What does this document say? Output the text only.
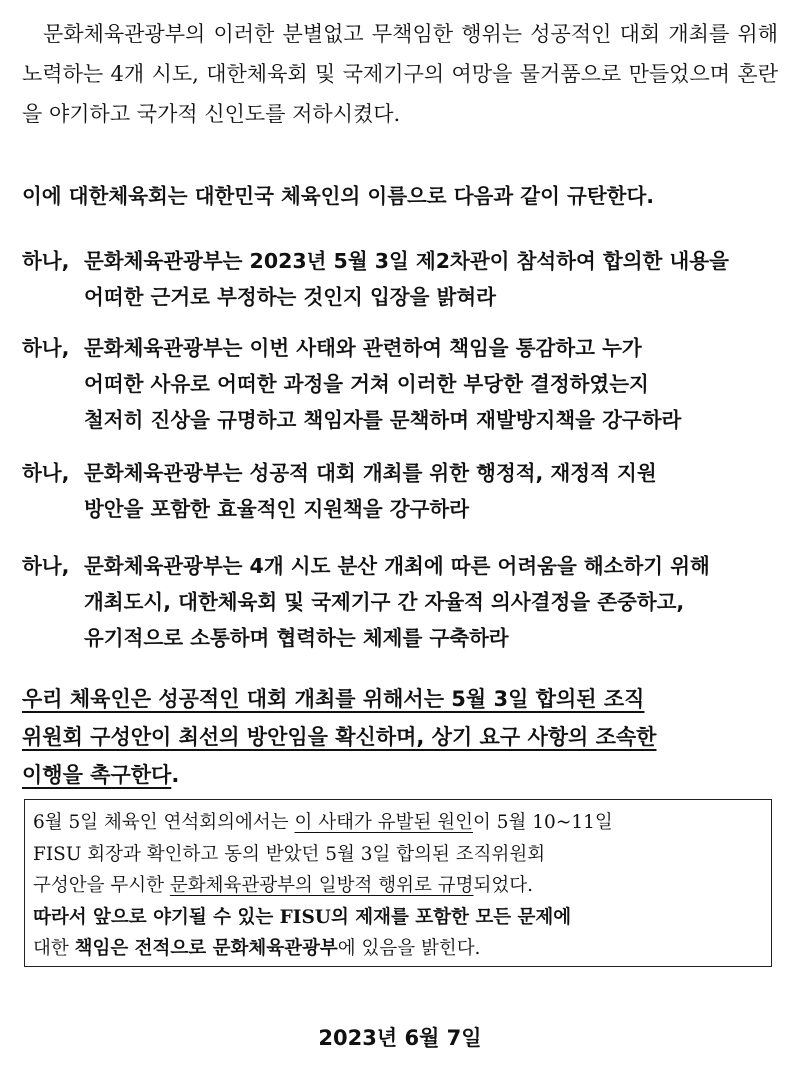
문화체육관광부의 이러한 분별없고 무책임한 행위는 성공적인 대회 개최를 위해 노력하는 4개 시도, 대한체육회 및 국제기구의 여망을 물거품으로 만들었으며 혼란을 야기하고 국가적 신인도를 저하시켰다.

이에 대한체육회는 대한민국 체육인의 이름으로 다음과 같이 규탄한다.

하나, 문화체육관광부는 2023년 5월 3일 제2차관이 참석하여 합의한 내용을
어떠한 근거로 부정하는 것인지 입장을 밝혀라
하나, 문화체육관광부는 이번 사태와 관련하여 책임을 통감하고 누가
어떠한 사유로 어떠한 과정을 거쳐 이러한 부당한 결정하였는지
철저히 진상을 규명하고 책임자를 문책하며 재발방지책을 강구하라
하나, 문화체육관광부는 성공적 대회 개최를 위한 행정적, 재정적 지원
방안을 포함한 효율적인 지원책을 강구하라
하나, 문화체육관광부는 4개 시도 분산 개최에 따른 어려움을 해소하기 위해
개최도시, 대한체육회 및 국제기구 간 자율적 의사결정을 존중하고,
유기적으로 소통하며 협력하는 체제를 구축하라
우리 체육인은 성공적인 대회 개최를 위해서는 5월 3일 합의된 조직
위원회 구성안이 최선의 방안임을 확신하며, 상기 요구 사항의 조속한
이행을 촉구한다.
6월 5일 체육인 연석회의에서는 이 사태가 유발된 원인이 5월 10~11일
FISU 회장과 확인하고 동의 받았던 5월 3일 합의된 조직위원회
구성안을 무시한 문화체육관광부의 일방적 행위로 규명되었다.
따라서 앞으로 야기될 수 있는 FISU의 제재를 포함한 모든 문제에
대한 책임은 전적으로 문화체육관광부에 있음을 밝힌다.

2023년 6월 7일
